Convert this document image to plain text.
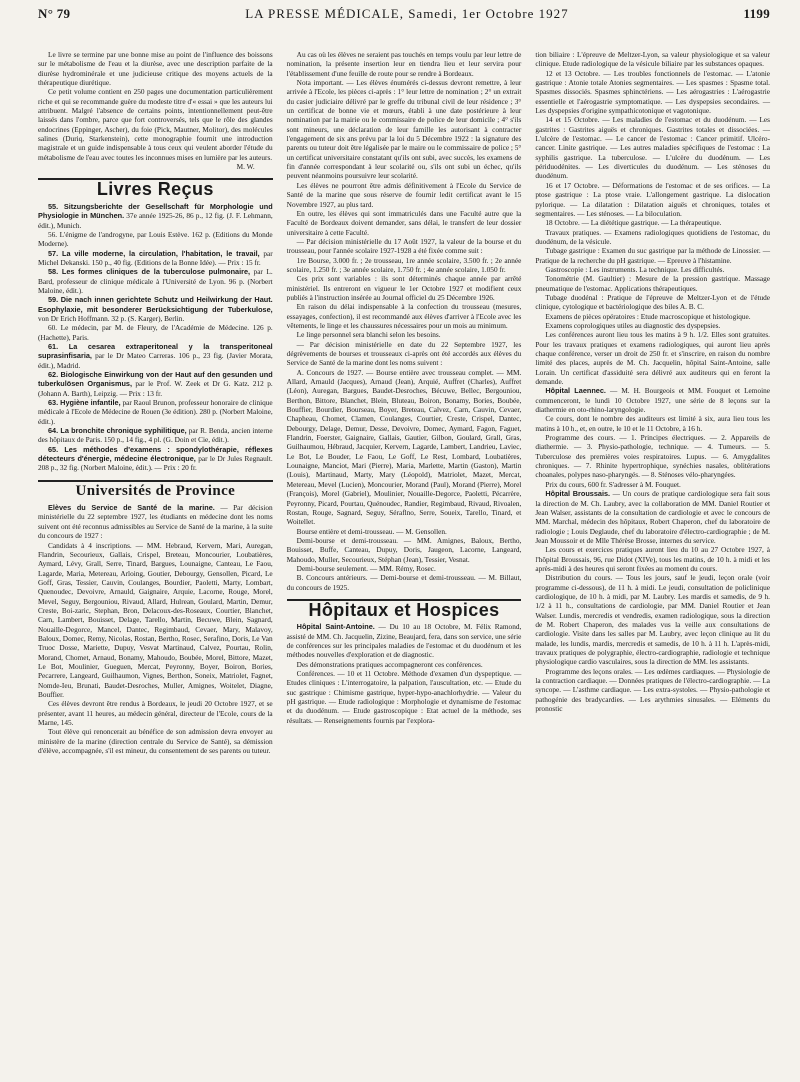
N° 79	LA PRESSE MÉDICALE, Samedi, 1er Octobre 1927	1199

Le livre se termine par une bonne mise au point de l'influence des boissons sur le métabolisme de l'eau et la diurèse, avec une description parfaite de la diurèse hydrominérale et une judicieuse critique des moyens actuels de la thérapeutique diurétique.

Ce petit volume contient en 250 pages une documentation particulièrement riche et qui se recommande guère du modeste titre d'« essai » que les auteurs lui attribuent. Malgré l'absence de certains points, intentionnellement peut-être laissés dans l'ombre, parce que fort controversés, tels que le rôle des glandes endocrines (Eppinger, Ascher), du foie (Pick, Mautner, Molitor), des molécules salines (Duriq, Starkenstein), cette monographie fournit une introduction magistrale et un guide indispensable à tous ceux qui veulent aborder l'étude du métabolisme de l'eau avec toutes les inconnues mises en lumière par les auteurs.

M. W.

Livres Reçus

55. Sitzungsberichte der Gesellschaft für Morphologie und Physiologie in München. 37e année 1925-26, 86 p., 12 fig. (J. F. Lehmann, édit.), Munich.

56. L'énigme de l'androgyne, par Louis Estève. 162 p. (Editions du Monde Moderne).

57. La ville moderne, la circulation, l'habitation, le travail, par Michel Dekanski. 150 p., 40 fig. (Editions de la Bonne Idée). — Prix : 15 fr.

58. Les formes cliniques de la tuberculose pulmonaire, par L. Bard, professeur de clinique médicale à l'Université de Lyon. 96 p. (Norbert Maloine, édit.).

59. Die nach innen gerichtete Schutz und Heilwirkung der Haut. Esophylaxie, mit besonderer Berücksichtigung der Tuberkulose, von Dr Erich Hoffmann. 32 p. (S. Karger), Berlin.

60. Le médecin, par M. de Fleury, de l'Académie de Médecine. 126 p. (Hachette), Paris.

61. La cesarea extraperitoneal y la transperitoneal suprasinfisaria, par le Dr Mateo Carreras. 106 p., 23 fig. (Javier Morata, édit.), Madrid.

62. Biologische Einwirkung von der Haut auf den gesunden und tuberkulösen Organismus, par le Prof. W. Zeek et Dr G. Katz. 212 p. (Johann A. Barth), Leipzig. — Prix : 13 fr.

63. Hygiène infantile, par Raoul Brunon, professeur honoraire de clinique médicale à l'Ecole de Médecine de Rouen (3e édition). 280 p. (Norbert Maloine, édit.).

64. La bronchite chronique syphilitique, par R. Benda, ancien interne des hôpitaux de Paris. 150 p., 14 fig., 4 pl. (G. Doin et Cie, édit.).

65. Les méthodes d'examens : spondylothérapie, réflexes détecteurs d'énergie, médecine électronique, par le Dr Jules Regnault. 208 p., 32 fig. (Norbert Maloine, édit.). — Prix : 20 fr.

Universités de Province

Elèves du Service de Santé de la marine. — Par décision ministérielle du 22 septembre 1927, les étudiants en médecine dont les noms suivent ont été reconnus admissibles au Service de Santé de la marine, à la suite du concours de 1927 :

Candidats à 4 inscriptions. — MM. Hebraud, Kervern, Mari, Auregan, Flandrin, Secourieux, Gallais, Crispel, Breteau, Moncourier, Loubatières, Aymard, Lévy, Grall, Serre, Tinard, Bargues, Lounaigne, Canteau, Le Faou, Lagarde, Maria, Metereau, Arloing, Goutier, Debourgy, Gensollen, Picard, Le Goff, Gras, Tessier, Cauvin, Coulanges, Bourdier, Paoletti, Marty, Lombart, Quenoudec, Devoivre, Arnauld, Gaignaire, Arquie, Lacorne, Rouge, Morel, Mevel, Seguy, Bergouniou, Rivaud, Allard, Hulrean, Goulard, Martin, Demur, Creste, Boi-zaric, Stephan, Bron, Delacoux-des-Roseaux, Courtier, Blanchet, Carn, Lambert, Bouisset, Delage, Tarello, Martin, Becuwe, Blein, Sagnard, Nouaille-Degorce, Mancel, Dantec, Regimbaud, Cevaer, Mary, Malavoy, Baloux, Domec, Remy, Nicolas, Rostan, Bertho, Rosec, Serafino, Doris, Le Van Truoc Dosse, Mariette, Dupuy, Vesvat Martinaud, Calvez, Pourtau, Rolin, Morand, Chomet, Arnaud, Bonamy, Mahoudo, Boubée, Morel, Bittore, Mazet, Le Bot, Moulinier, Gueguen, Mercat, Peyronny, Boyer, Boiron, Bories, Pecarrere, Langeard, Guilhaumon, Vignes, Berthon, Soneix, Matriolet, Fagnet, Nomde-Ieu, Brunati, Baudet-Desroches, Muller, Amignes, Woitelet, Diagne, Bouffier.

Ces élèves devront être rendus à Bordeaux, le jeudi 20 Octobre 1927, et se présenter, avant 11 heures, au médecin général, directeur de l'Ecole, cours de la Marne, 145.

Tout élève qui renoncerait au bénéfice de son admission devra envoyer au ministère de la marine (direction centrale du Service de Santé), sa démission d'élève, accompagnée, s'il est mineur, du consentement de ses parents ou tuteur.

Au cas où les élèves ne seraient pas touchés en temps voulu par leur lettre de nomination, la présente insertion leur en tiendra lieu et leur servira pour l'établissement d'une feuille de route pour se rendre à Bordeaux.

Nota important. — Les élèves énumérés ci-dessus devront remettre, à leur arrivée à l'Ecole, les pièces ci-après : 1° leur lettre de nomination ; 2° un extrait du casier judiciaire délivré par le greffe du tribunal civil de leur résidence ; 3° un certificat de bonne vie et mœurs, établi à une date postérieure à leur nomination par la mairie ou le commissaire de police de leur domicile ; 4° s'ils sont mineurs, une déclaration de leur famille les autorisant à contracter l'engagement de six ans prévu par la loi du 5 Décembre 1922 : la signature des parents ou tuteur doit être légalisée par le maire ou le commissaire de police ; 5° un certificat universitaire constatant qu'ils ont subi, avec succès, les examens de fin d'année correspondant à leur scolarité ou, s'ils ont subi un échec, qu'ils peuvent néanmoins poursuivre leur scolarité.

Les élèves ne pourront être admis définitivement à l'Ecole du Service de Santé de la marine que sous réserve de fournir ledit certificat avant le 15 Novembre 1927, au plus tard.

En outre, les élèves qui sont immatriculés dans une Faculté autre que la Faculté de Bordeaux doivent demander, sans délai, le transfert de leur dossier universitaire à cette Faculté.

— Par décision ministérielle du 17 Août 1927, la valeur de la bourse et du trousseau, pour l'année scolaire 1927-1928 a été fixée comme suit :

1re Bourse, 3.000 fr. ; 2e trousseau, 1re année scolaire, 3.500 fr. ; 2e année scolaire, 1.250 fr. ; 3e année scolaire, 1.750 fr. ; 4e année scolaire, 1.050 fr.

Ces prix sont variables : ils sont déterminés chaque année par arrêté ministériel. Ils entreront en vigueur le 1er Octobre 1927 et modifient ceux publiés à l'instruction insérée au Journal officiel du 25 Décembre 1926.

En raison du délai indispensable à la confection du trousseau (mesures, essayages, confection), il est recommandé aux élèves d'arriver à l'Ecole avec les vêtements, le linge et les chaussures nécessaires pour un mois au minimum.

Le linge personnel sera blanchi selon les besoins.

— Par décision ministérielle en date du 22 Septembre 1927, les dégrèvements de bourses et trousseaux ci-après ont été accordés aux élèves du Service de Santé de la marine dont les noms suivent :

A. Concours de 1927. — Bourse entière avec trousseau complet. — MM. Allard, Arnauld (Jacques), Arnaud (Jean), Arquié, Auffret (Charles), Auffret (Léon), Auregan, Bargues, Baudet-Desroches, Bécuwe, Bellec, Bergouniou, Berthon, Bittore, Blanchet, Blein, Bluteau, Boiron, Bonamy, Bories, Boubée, Bouffier, Bourdier, Bourseau, Boyer, Breteau, Calvez, Carn, Cauvin, Cevaer, Chapheau, Chomet, Clamen, Coulanges, Courtier, Creste, Crispel, Dantec, Debourgy, Delage, Demur, Desse, Devoivre, Domec, Aymard, Fagon, Faguet, Flandrin, Foerster, Gaignaire, Gallais, Gautier, Gilbon, Goulard, Grall, Gras, Guilhaumou, Hébraud, Jacquier, Kervern, Lagarde, Lambert, Landrieu, Laviec, Le Bot, Le Bouder, Le Faou, Le Goff, Le Rest, Lombard, Loubatières, Lounaigne, Manciot, Mari (Pierre), Maria, Marlette, Martin (Gaston), Martin (Louis), Martinaud, Marty, Mary (Léopold), Matriolet, Mazet, Mercat, Metereau, Mevel (Lucien), Moncourier, Morand (Paul), Morand (Pierre), Morel (François), Morel (Gabriel), Moulinier, Nouaille-Degorce, Paoletti, Pécarrère, Peyronny, Picard, Pourtau, Quénoudec, Randier, Regimbaud, Rivaud, Rivoalen, Rostan, Rouge, Sagnard, Seguy, Séraflno, Serre, Soueix, Tarello, Tinard, et Woitellet.

Bourse entière et demi-trousseau. — M. Gensollen.

Demi-bourse et demi-trousseau. — MM. Amignes, Baloux, Bertho, Bouisset, Buffe, Canteau, Dupuy, Doris, Jaugeon, Lacorne, Langeard, Mahoudo, Muller, Secourieux, Stéphan (Jean), Tessier, Vesnat.

Demi-bourse seulement. — MM. Rémy, Rosec.

B. Concours antérieurs. — Demi-bourse et demi-trousseau. — M. Billaut, du concours de 1925.

Hôpitaux et Hospices

Hôpital Saint-Antoine. — Du 10 au 18 Octobre, M. Félix Ramond, assisté de MM. Ch. Jacquelin, Zizine, Beaujard, fera, dans son service, une série de conférences sur les principales maladies de l'estomac et du duodénum et les méthodes nouvelles d'exploration et de diagnostic.

Des démonstrations pratiques accompagneront ces conférences.

Conférences. — 10 et 11 Octobre. Méthode d'examen d'un dyspeptique. — Etudes cliniques : L'interrogatoire, la palpation, l'auscultation, etc. — Etude du suc gastrique : Chimisme gastrique, hyper-hypo-anachlorhydrie. — Valeur du pH gastrique. — Etude radiologique : Morphologie et dynamisme de l'estomac et du duodénum. — Etude gastroscopique : Etat actuel de la méthode, ses résultats. — Renseignements fournis par l'explora-

tion biliaire : L'épreuve de Meltzer-Lyon, sa valeur physiologique et sa valeur clinique. Etude radiologique de la vésicule biliaire par les substances opaques.

12 et 13 Octobre. — Les troubles fonctionnels de l'estomac. — L'atonie gastrique : Atonie totale Atonies segmentaires. — Les spasmes : Spasme total. Spasmes dissociés. Spasmes sphinctériens. — Les aérogastries : L'aérogastrie essentielle et l'aérogastrie symptomatique. — Les dyspepsies secondaires. — Les dyspepsies d'origine sympathicotonique et vagotonique.

14 et 15 Octobre. — Les maladies de l'estomac et du duodénum. — Les gastrites : Gastrites aiguës et chroniques. Gastrites totales et dissociées. — L'ulcère de l'estomac. — Le cancer de l'estomac : Cancer primitif. Ulcéro-cancer. Linite gastrique. — Les autres maladies spécifiques de l'estomac : La syphilis gastrique. La tuberculose. — L'ulcère du duodénum. — Les périduodénites. — Les diverticules du duodénum. — Les sténoses du duodénum.

16 et 17 Octobre. — Déformations de l'estomac et de ses orifices. — La ptose gastrique : La ptose vraie. L'allongement gastrique. La dislocation pylorique. — La dilatation : Dilatation aiguës et chroniques, totales et segmentaires. — Les sténoses. — La biloculation.

18 Octobre. — La diététique gastrique. — La thérapeutique.

Travaux pratiques. — Examens radiologiques quotidiens de l'estomac, du duodénum, de la vésicule.

Tubage gastrique : Examen du suc gastrique par la méthode de Linossier. — Pratique de la recherche du pH gastrique. — Epreuve à l'histamine.

Gastroscopie : Les instruments. La technique. Les difficultés.

Tonométrie (M. Gaultier) : Mesure de la pression gastrique. Massage pneumatique de l'estomac. Applications thérapeutiques.

Tubage duodénal : Pratique de l'épreuve de Meltzer-Lyon et de l'étude clinique, cytologique et bactériologique des biles A. B. C.

Examens de pièces opératoires : Etude macroscopique et histologique.

Examens coprologiques utiles au diagnostic des dyspepsies.

Les conférences auront lieu tous les matins à 9 h. 1/2. Elles sont gratuites. Pour les travaux pratiques et examens radiologiques, qui auront lieu après chaque conférence, verser un droit de 250 fr. et s'inscrire, en raison du nombre limité des places, auprès de M. Ch. Jacquelin, hôpital Saint-Antoine, salle Lorain. Un certificat d'assiduité sera délivré aux auditeurs qui en feront la demande.

Hôpital Laennec. — M. H. Bourgeois et MM. Fouquet et Lemoine commenceront, le lundi 10 Octobre 1927, une série de 8 leçons sur la diathermie en oto-rhino-laryngologie.

Ce cours, dont le nombre des auditeurs est limité à six, aura lieu tous les matins à 10 h., et, en outre, le 10 et le 11 Octobre, à 16 h.

Programme des cours. — 1. Principes électriques. — 2. Appareils de diathermie. — 3. Physio-pathologie, technique. — 4. Tumeurs. — 5. Tuberculose des premières voies respiratoires. Lupus. — 6. Amygdalites chroniques. — 7. Rhinite hypertrophique, synéchies nasales, oblitérations choanales, polypes naso-pharyngés. — 8. Sténoses vélo-pharyngées.

Prix du cours, 600 fr. S'adresser à M. Fouquet.

Hôpital Broussais. — Un cours de pratique cardiologique sera fait sous la direction de M. Ch. Laubry, avec la collaboration de MM. Daniel Routier et Jean Walser, assistants de la consultation de cardiologie et avec le concours de MM. Marchal, médecin des hôpitaux, Robert Chaperon, chef du laboratoire de radiologie ; Louis Deglaude, chef du laboratoire d'électro-cardiographie ; de M. Jean Moussoir et de Mlle Thérèse Brosse, internes du service.

Les cours et exercices pratiques auront lieu du 10 au 27 Octobre 1927, à l'hôpital Broussais, 96, rue Didot (XIVe), tous les matins, de 10 h. à midi et les après-midi à des heures qui seront fixées au moment du cours.

Distribution du cours. — Tous les jours, sauf le jeudi, leçon orale (voir programme ci-dessous), de 11 h. à midi. Le jeudi, consultation de policlinique cardiologique, de 10 h. à midi, par M. Laubry. Les mardis et samedis, de 9 h. 1/2 à 11 h., consultations de cardiologie, par MM. Daniel Routier et Jean Walser. Lundis, mercredis et vendredis, examen radiologique, sous la direction de M. Robert Chaperon, des malades vus la veille aux consultations de cardiologie. Visite dans les salles par M. Laubry, avec leçon clinique au lit du malade, les lundis, mardis, mercredis et samedis, de 10 h. à 11 h. L'après-midi, travaux pratiques de polygraphie, électro-cardiographie, radiologie et technique physiologique cardio vasculaires, sous la direction de MM. les assistants.

Programme des leçons orales. — Les œdèmes cardiaques. — Physiologie de la contraction cardiaque. — Données pratiques de l'électro-cardiographie. — La syncope. — L'asthme cardiaque. — Les extra-systoles. — Physio-pathologie et pathogénie des bradycardies. — Les arythmies sinusales. — Eléments du pronostic
